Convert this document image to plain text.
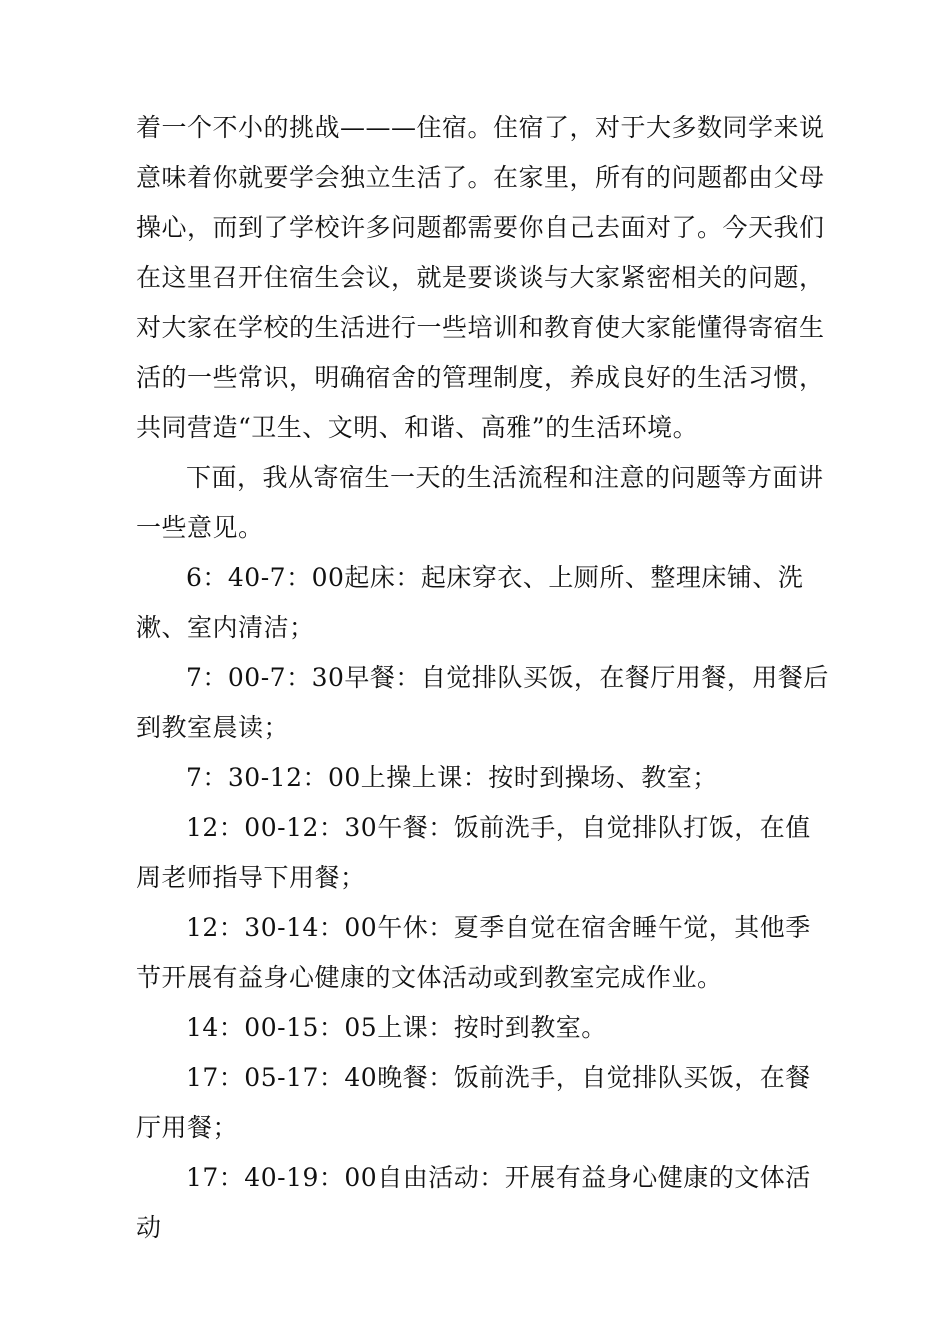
着一个不小的挑战———住宿。住宿了，对于大多数同学来说意味着你就要学会独立生活了。在家里，所有的问题都由父母操心，而到了学校许多问题都需要你自己去面对了。今天我们在这里召开住宿生会议，就是要谈谈与大家紧密相关的问题，对大家在学校的生活进行一些培训和教育使大家能懂得寄宿生活的一些常识，明确宿舍的管理制度，养成良好的生活习惯，共同营造“卫生、文明、和谐、高雅”的生活环境。

下面，我从寄宿生一天的生活流程和注意的问题等方面讲一些意见。

6：40-7：00起床：起床穿衣、上厕所、整理床铺、洗漱、室内清洁；

7：00-7：30早餐：自觉排队买饭，在餐厅用餐，用餐后到教室晨读；

7：30-12：00上操上课：按时到操场、教室；

12：00-12：30午餐：饭前洗手，自觉排队打饭，在值周老师指导下用餐；

12：30-14：00午休：夏季自觉在宿舍睡午觉，其他季节开展有益身心健康的文体活动或到教室完成作业。

14：00-15：05上课：按时到教室。

17：05-17：40晚餐：饭前洗手，自觉排队买饭，在餐厅用餐；

17：40-19：00自由活动：开展有益身心健康的文体活动
